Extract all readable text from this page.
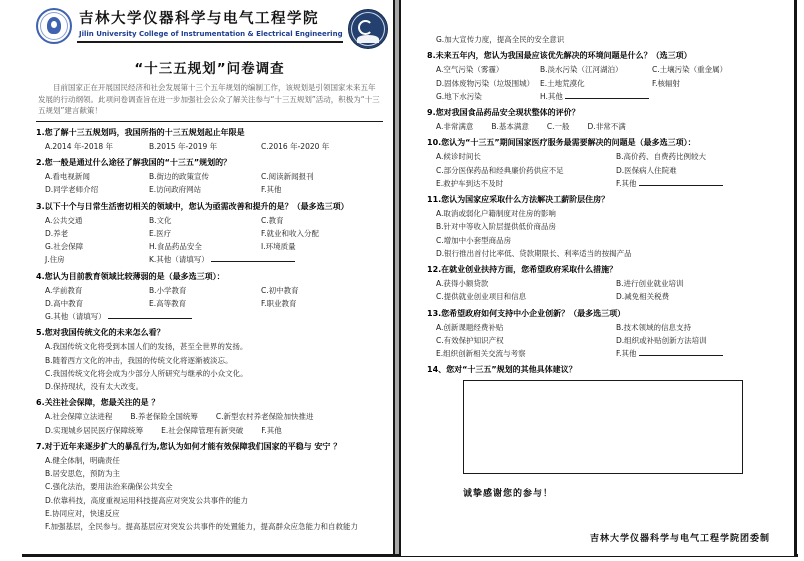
吉林大学仪器科学与电气工程学院
Jilin University College of Instrumentation & Electrical Engineering
“十三五规划”问卷调查
目前国家正在开展国民经济和社会发展第十三个五年规划的编制工作，该规划是引领国家未来五年发展的行动纲领。此项问卷调查旨在进一步加强社会公众了解关注参与“十三五规划”活动，积极为“十三五规划”建言献策！
1.您了解十三五规划吗，我国所指的十三五规划起止年限是
A.2014 年-2018 年	B.2015 年-2019 年	C.2016 年-2020 年
2.您一般是通过什么途径了解我国的“十三五”规划的？
A.看电视新闻	B.街边的政策宣传	C.阅读新闻报刊
D.同学老师介绍	E.访问政府网站	F.其他
3.以下十个与日常生活密切相关的领域中，您认为亟需改善和提升的是？（最多选三项）
A.公共交通	B.文化	C.教育
D.养老	E.医疗	F.就业和收入分配
G.社会保障	H.食品药品安全	I.环境质量
J.住房	K.其他（请填写）
4.您认为目前教育领域比较薄弱的是（最多选三项）：
A.学前教育	B.小学教育	C.初中教育
D.高中教育	E.高等教育	F.职业教育
G.其他（请填写）
5.您对我国传统文化的未来怎么看？
A.我国传统文化将受到本国人们的发扬，甚至全世界的发扬。
B.随着西方文化的冲击，我国的传统文化将逐渐被淡忘。
C.我国传统文化将会成为少部分人所研究与继承的小众文化。
D.保持现状，没有太大改变。
6.关注社会保障，您最关注的是 ？
A.社会保障立法进程 B.养老保险全国统筹 C.新型农村养老保险加快推进
D.实现城乡居民医疗保障统筹 E.社会保障管理有新突破 F.其他
7.对于近年来逐步扩大的暴乱行为,您认为如何才能有效保障我们国家的平稳与 安宁 ？
A.健全体制，明确责任
B.居安思危，预防为主
C.强化法治，要用法治来确保公共安全
D.依靠科技，高度重视运用科技提高应对突发公共事件的能力
E.协同应对，快速反应
F.加强基层，全民参与。提高基层应对突发公共事件的处置能力，提高群众应急能力和自救能力
G.加大宣传力度，提高全民的安全意识
8.未来五年内，您认为我国最应该优先解决的环境问题是什么？（选三项）
A.空气污染（雾霾）	B.淡水污染（江河湖泊）	C.土壤污染（重金属）
D.固体废物污染（垃圾围城） E.土地荒漠化	F.核辐射
G.地下水污染	H.其他
9.您对我国食品药品安全现状整体的评价？
A.非常满意 B.基本满意 C.一般 D.非常不满
10.您认为“十三五”期间国家医疗服务最需要解决的问题是（最多选三项）：
A.候诊时间长	B.高价药、自费药比例较大
C.部分医保药品和经典廉价药供应不足	D.医保病人住院难
E.救护车到达不及时	F.其他
11.您认为国家应采取什么方法解决工薪阶层住房？
A.取消或弱化户籍制度对住房的影响
B.针对中等收入阶层提供低价商品房
C.增加中小套型商品房
D.银行推出首付比率低、贷款期限长、利率适当的按揭产品
12.在就业创业扶持方面，您希望政府采取什么措施？
A.获得小额贷款	B.进行创业就业培训
C.提供就业创业项目和信息	D.减免相关税费
13.您希望政府如何支持中小企业创新？（最多选三项）
A.创新课题经费补贴	B.技术领域的信息支持
C.有效保护知识产权	D.组织或补贴创新方法培训
E.组织创新相关交流与考察	F.其他
14、您对“十三五”规划的其他具体建议？
诚挚感谢您的参与！
吉林大学仪器科学与电气工程学院团委制
